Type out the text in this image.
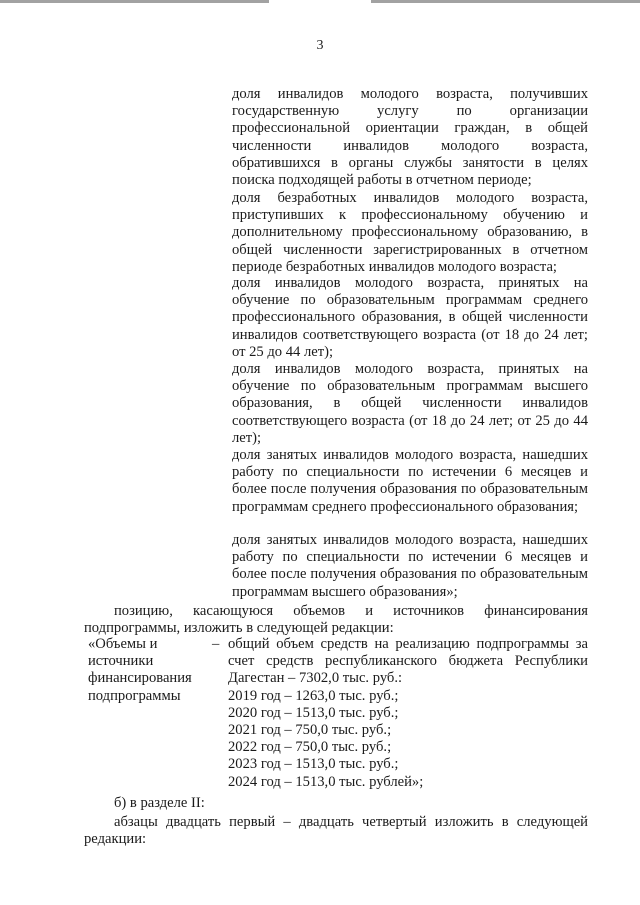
3

доля инвалидов молодого возраста, получивших государственную услугу по организации профессиональной ориентации граждан, в общей численности инвалидов молодого возраста, обратившихся в органы службы занятости в целях поиска подходящей работы в отчетном периоде;

доля безработных инвалидов молодого возраста, приступивших к профессиональному обучению и дополнительному профессиональному образованию, в общей численности зарегистрированных в отчетном периоде безработных инвалидов молодого возраста;

доля инвалидов молодого возраста, принятых на обучение по образовательным программам среднего профессионального образования, в общей численности инвалидов соответствующего возраста (от 18 до 24 лет; от 25 до 44 лет);

доля инвалидов молодого возраста, принятых на обучение по образовательным программам высшего образования, в общей численности инвалидов соответствующего возраста (от 18 до 24 лет; от 25 до 44 лет);

доля занятых инвалидов молодого возраста, нашедших работу по специальности по истечении 6 месяцев и более после получения образования по образовательным программам среднего профессионального образования;

доля занятых инвалидов молодого возраста, нашедших работу по специальности по истечении 6 месяцев и более после получения образования по образовательным программам высшего образования»;

позицию, касающуюся объемов и источников финансирования подпрограммы, изложить в следующей редакции:

«Объемы и источники финансирования подпрограммы
– общий объем средств на реализацию подпрограммы за счет средств республиканского бюджета Республики Дагестан – 7302,0 тыс. руб.:

2019 год – 1263,0 тыс. руб.;

2020 год – 1513,0 тыс. руб.;

2021 год – 750,0 тыс. руб.;

2022 год – 750,0 тыс. руб.;

2023 год – 1513,0 тыс. руб.;

2024 год – 1513,0 тыс. рублей»;

б) в разделе II:

абзацы двадцать первый – двадцать четвертый изложить в следующей редакции:
